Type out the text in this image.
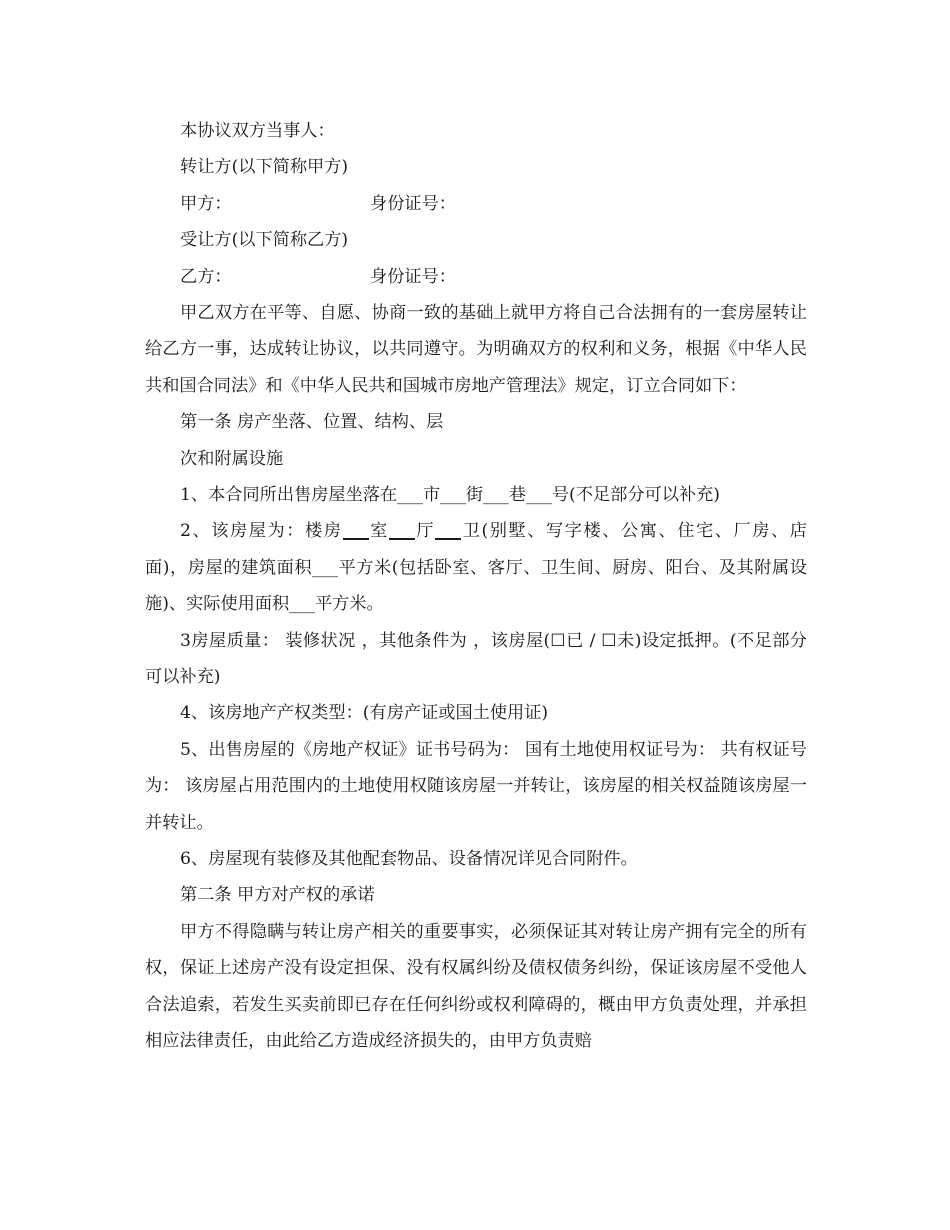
本协议双方当事人：
转让方(以下简称甲方)
甲方：	身份证号：
受让方(以下简称乙方)
乙方：	身份证号：
甲乙双方在平等、自愿、协商一致的基础上就甲方将自己合法拥有的一套房屋转让给乙方一事，达成转让协议，以共同遵守。为明确双方的权利和义务，根据《中华人民共和国合同法》和《中华人民共和国城市房地产管理法》规定，订立合同如下：
第一条 房产坐落、位置、结构、层
次和附属设施
1、本合同所出售房屋坐落在___市___街___巷___号(不足部分可以补充)
2、该房屋为：楼房 室 厅 卫(别墅、写字楼、公寓、住宅、厂房、店
面)，房屋的建筑面积___平方米(包括卧室、客厅、卫生间、厨房、阳台、及其附属设施)、实际使用面积___平方米。
3房屋质量： 装修状况 ，其他条件为 ，该房屋(☐已 / ☐未)设定抵押。(不足部分可以补充)
4、该房地产产权类型：(有房产证或国土使用证)
5、出售房屋的《房地产权证》证书号码为： 国有土地使用权证号为： 共有权证号为： 该房屋占用范围内的土地使用权随该房屋一并转让，该房屋的相关权益随该房屋一并转让。
6、房屋现有装修及其他配套物品、设备情况详见合同附件。
第二条 甲方对产权的承诺
甲方不得隐瞒与转让房产相关的重要事实，必须保证其对转让房产拥有完全的所有权，保证上述房产没有设定担保、没有权属纠纷及债权债务纠纷，保证该房屋不受他人合法追索，若发生买卖前即已存在任何纠纷或权利障碍的，概由甲方负责处理，并承担相应法律责任，由此给乙方造成经济损失的，由甲方负责赔
